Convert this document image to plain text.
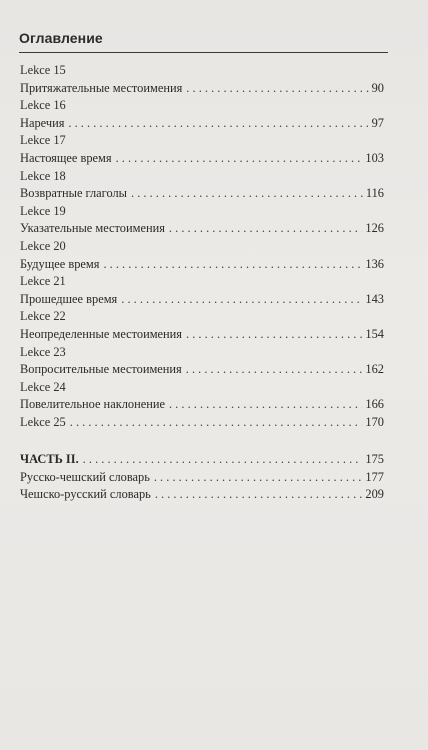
Оглавление
Lekce 15
Притяжательные местоимения . . .	90
Lekce 16
Наречия . . .	97
Lekce 17
Настоящее время . . .	103
Lekce 18
Возвратные глаголы . . .	116
Lekce 19
Указательные местоимения . . .	126
Lekce 20
Будущее время . . .	136
Lekce 21
Прошедшее время . . .	143
Lekce 22
Неопределенные местоимения . . .	154
Lekce 23
Вопросительные местоимения . . .	162
Lekce 24
Повелительное наклонение . . .	166
Lekce 25 . . .	170
ЧАСТЬ II. . . .	175
Русско-чешский словарь . . .	177
Чешско-русский словарь . . .	209
